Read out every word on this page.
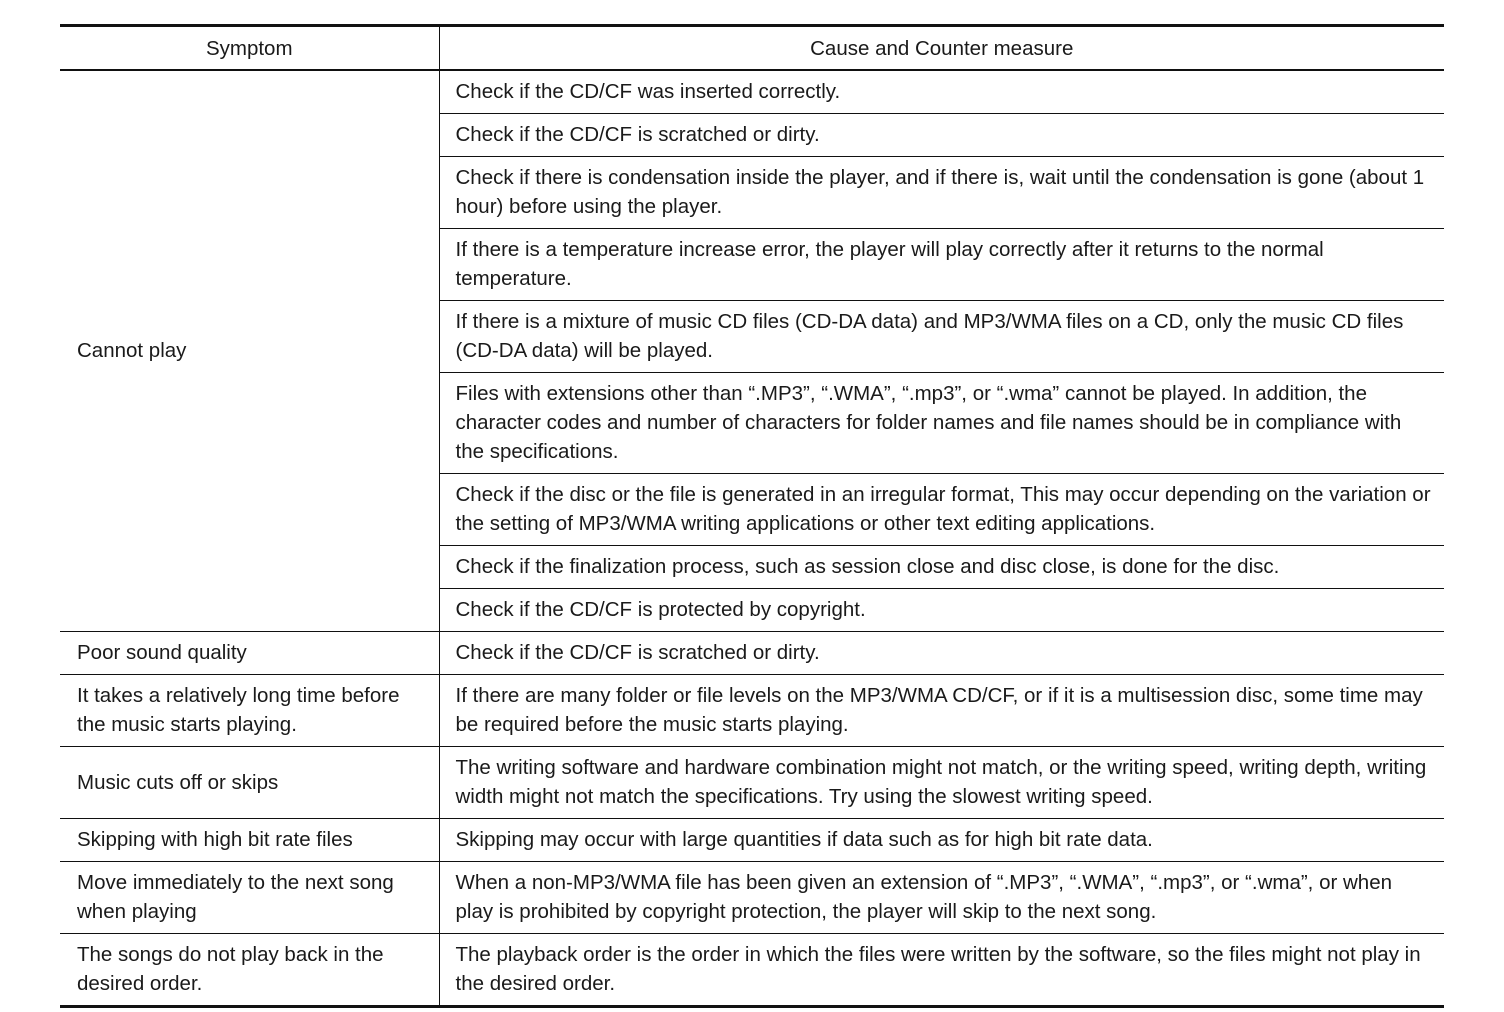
Symptom	Cause and Counter measure
Cannot play	Check if the CD/CF was inserted correctly.
	Check if the CD/CF is scratched or dirty.
	Check if there is condensation inside the player, and if there is, wait until the condensation is gone (about 1 hour) before using the player.
	If there is a temperature increase error, the player will play correctly after it returns to the normal temperature.
	If there is a mixture of music CD files (CD-DA data) and MP3/WMA files on a CD, only the music CD files (CD-DA data) will be played.
	Files with extensions other than “.MP3”, “.WMA”, “.mp3”, or “.wma” cannot be played. In addition, the character codes and number of characters for folder names and file names should be in compliance with the specifications.
	Check if the disc or the file is generated in an irregular format, This may occur depending on the variation or the setting of MP3/WMA writing applications or other text editing applications.
	Check if the finalization process, such as session close and disc close, is done for the disc.
	Check if the CD/CF is protected by copyright.
Poor sound quality	Check if the CD/CF is scratched or dirty.
It takes a relatively long time before the music starts playing.	If there are many folder or file levels on the MP3/WMA CD/CF, or if it is a multisession disc, some time may be required before the music starts playing.
Music cuts off or skips	The writing software and hardware combination might not match, or the writing speed, writing depth, writing width might not match the specifications. Try using the slowest writing speed.
Skipping with high bit rate files	Skipping may occur with large quantities if data such as for high bit rate data.
Move immediately to the next song when playing	When a non-MP3/WMA file has been given an extension of “.MP3”, “.WMA”, “.mp3”, or “.wma”, or when play is prohibited by copyright protection, the player will skip to the next song.
The songs do not play back in the desired order.	The playback order is the order in which the files were written by the software, so the files might not play in the desired order.
